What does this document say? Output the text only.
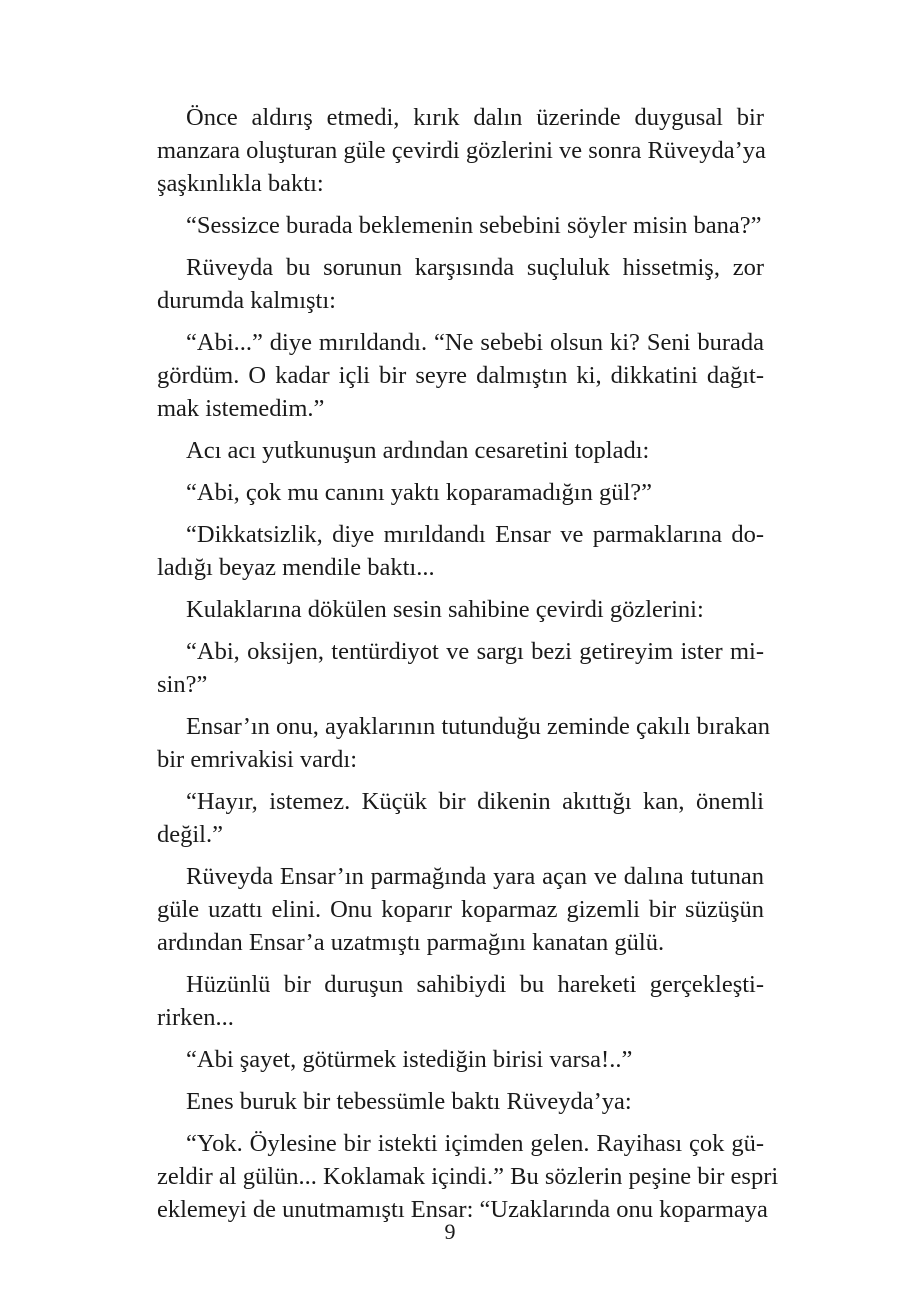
Önce aldırış etmedi, kırık dalın üzerinde duygusal bir
manzara oluşturan güle çevirdi gözlerini ve sonra Rüveyda’ya
şaşkınlıkla baktı:

“Sessizce burada beklemenin sebebini söyler misin bana?”

Rüveyda bu sorunun karşısında suçluluk hissetmiş, zor
durumda kalmıştı:

“Abi...” diye mırıldandı. “Ne sebebi olsun ki? Seni burada
gördüm. O kadar içli bir seyre dalmıştın ki, dikkatini dağıt-
mak istemedim.”

Acı acı yutkunuşun ardından cesaretini topladı:

“Abi, çok mu canını yaktı koparamadığın gül?”

“Dikkatsizlik, diye mırıldandı Ensar ve parmaklarına do-
ladığı beyaz mendile baktı...

Kulaklarına dökülen sesin sahibine çevirdi gözlerini:

“Abi, oksijen, tentürdiyot ve sargı bezi getireyim ister mi-
sin?”

Ensar’ın onu, ayaklarının tutunduğu zeminde çakılı bırakan
bir emrivakisi vardı:

“Hayır, istemez. Küçük bir dikenin akıttığı kan, önemli
değil.”

Rüveyda Ensar’ın parmağında yara açan ve dalına tutunan
güle uzattı elini. Onu koparır koparmaz gizemli bir süzüşün
ardından Ensar’a uzatmıştı parmağını kanatan gülü.

Hüzünlü bir duruşun sahibiydi bu hareketi gerçekleşti-
rirken...

“Abi şayet, götürmek istediğin birisi varsa!..”

Enes buruk bir tebessümle baktı Rüveyda’ya:

“Yok. Öylesine bir istekti içimden gelen. Rayihası çok gü-
zeldir al gülün... Koklamak içindi.” Bu sözlerin peşine bir espri
eklemeyi de unutmamıştı Ensar: “Uzaklarında onu koparmaya

9
